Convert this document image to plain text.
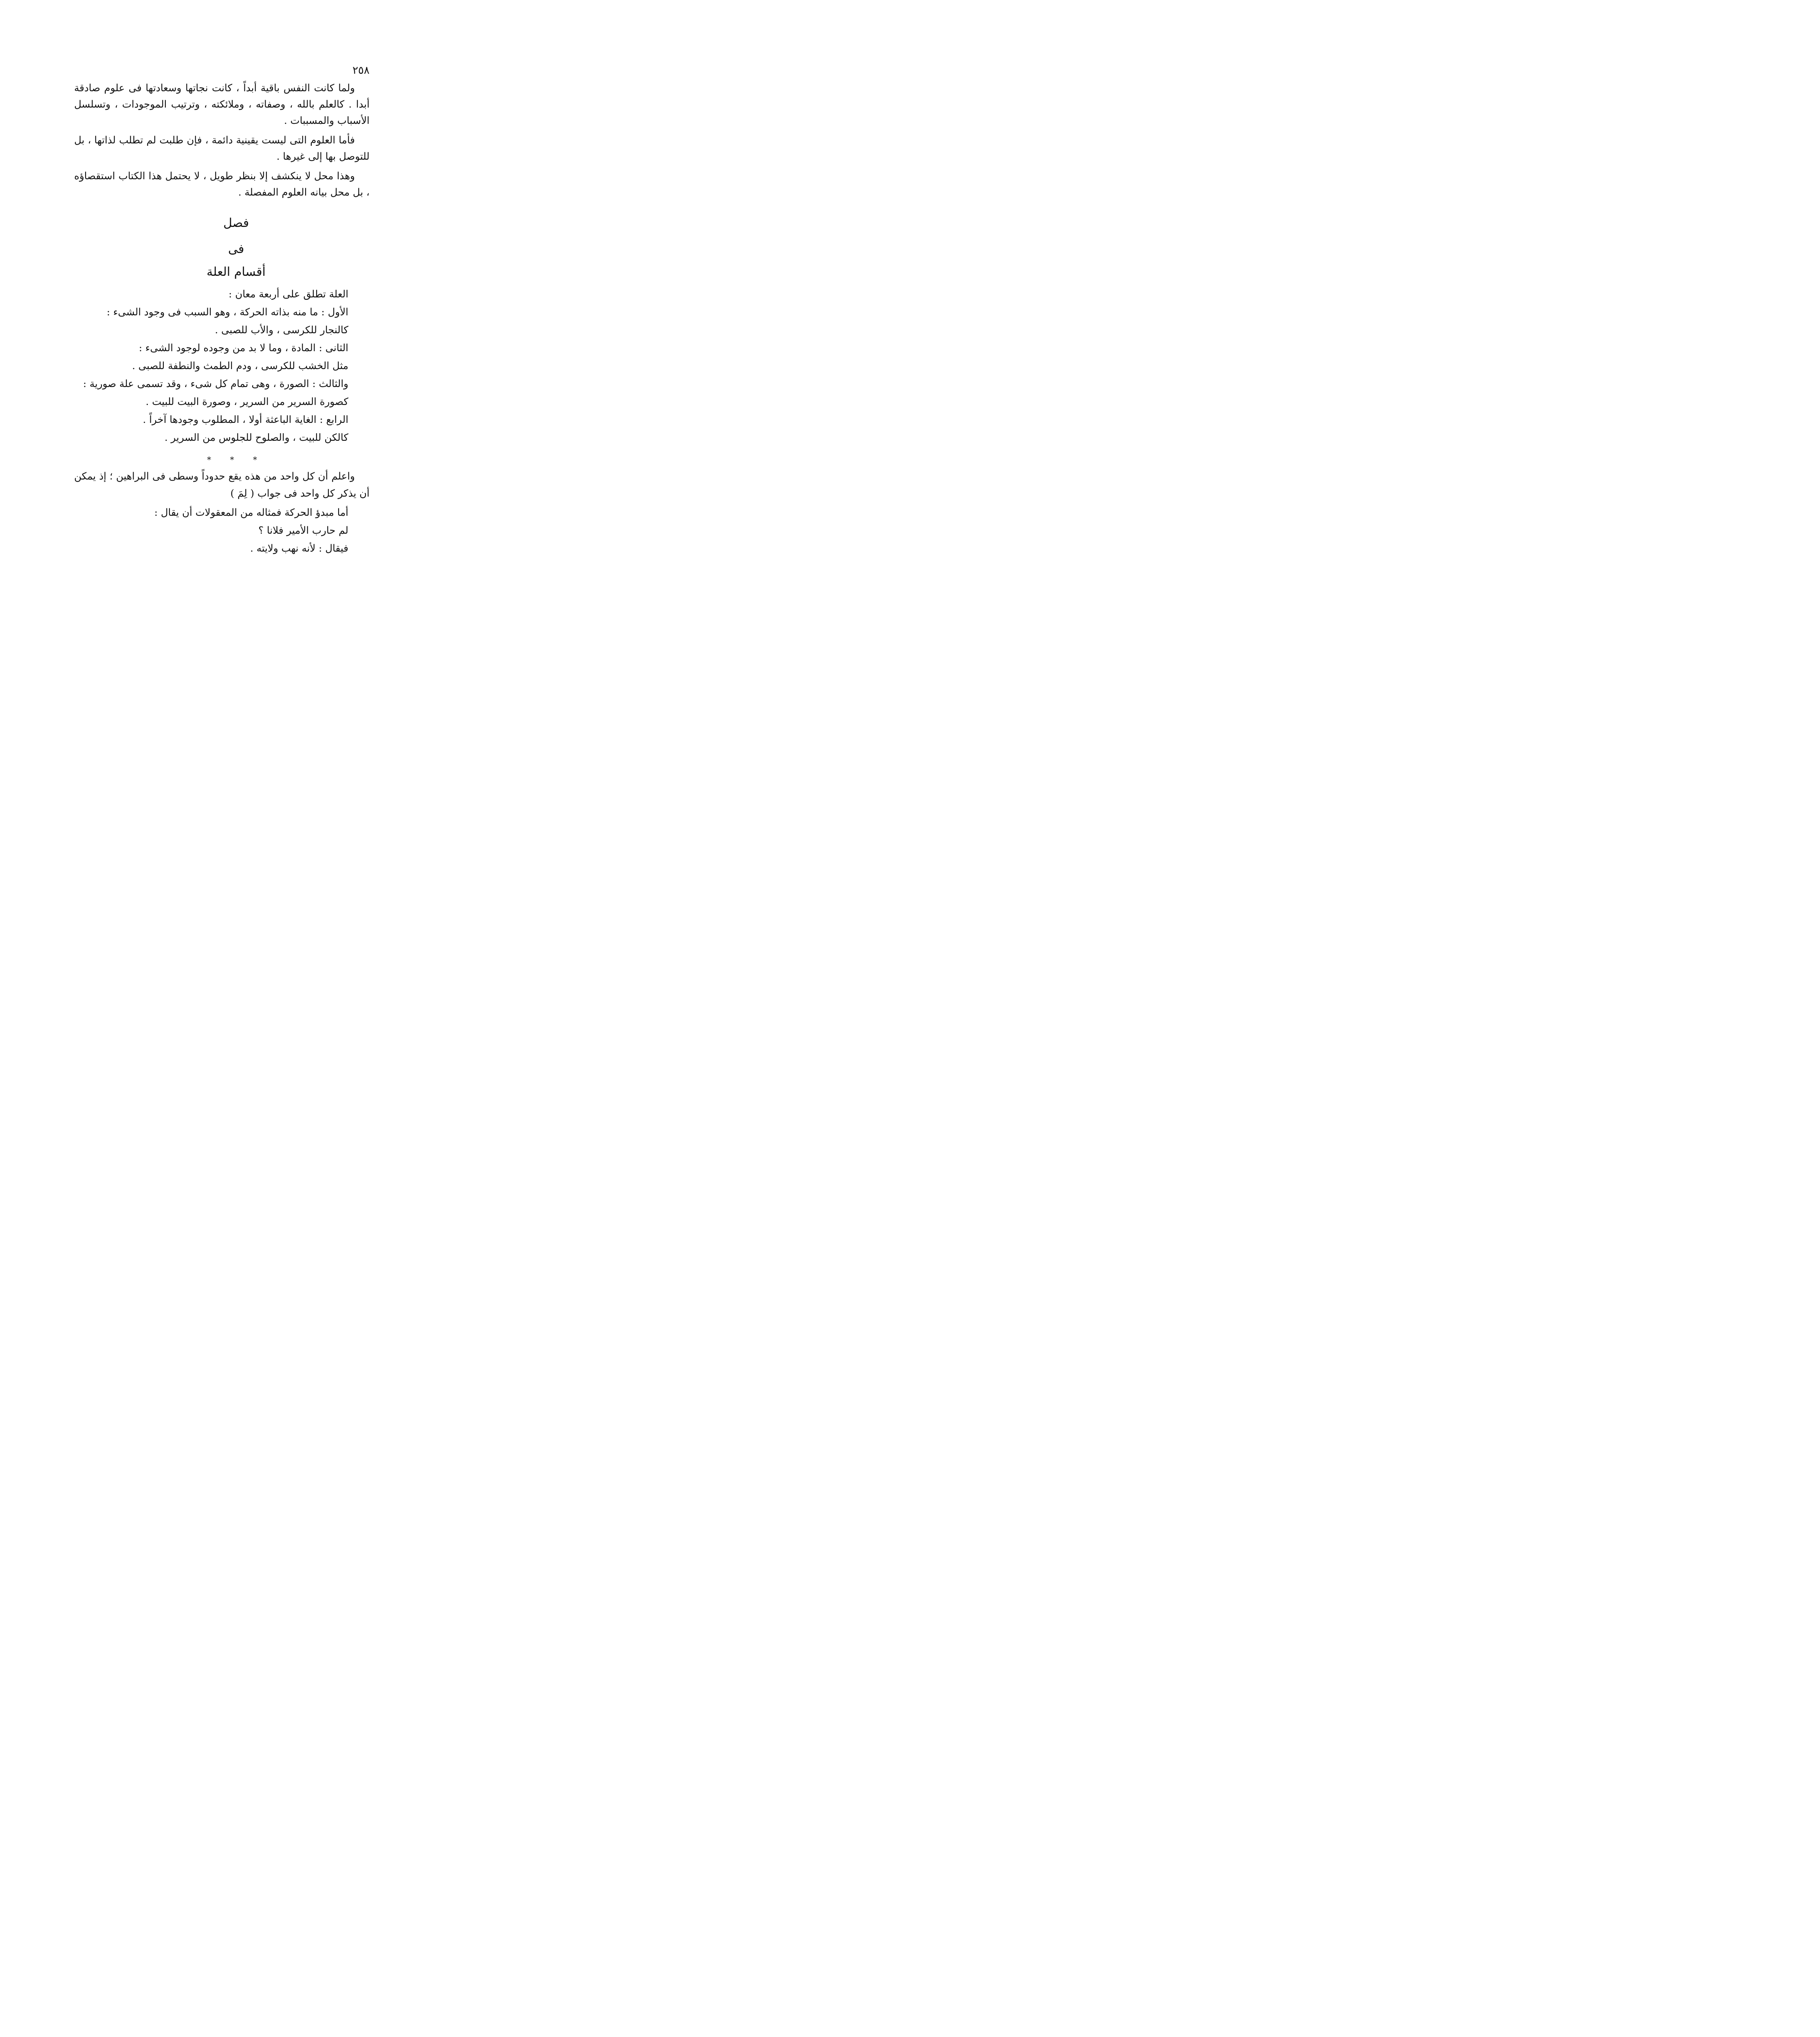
٢٥٨

ولما كانت النفس باقية أبداً ، كانت نجاتها وسعادتها فى علوم صادقة أبدا . كالعلم بالله ، وصفاته ، وملائكته ، وترتيب الموجودات ، وتسلسل الأسباب والمسببات .

فأما العلوم التى ليست يقينية دائمة ، فإن طلبت لم تطلب لذاتها ، بل للتوصل بها إلى غيرها .

وهذا محل لا ينكشف إلا بنظر طويل ، لا يحتمل هذا الكتاب استقصاؤه ، بل محل بيانه العلوم المفصلة .

فصل
فى
أقسام العلة
العلة تطلق على أربعة معان :
الأول : ما منه بذاته الحركة ، وهو السبب فى وجود الشىء :
كالنجار للكرسى ، والأب للصبى .
الثانى : المادة ، وما لا بد من وجوده لوجود الشىء :
مثل الخشب للكرسى ، ودم الطمث والنطفة للصبى .
والثالث : الصورة ، وهى تمام كل شىء ، وقد تسمى علة صورية :
كصورة السرير من السرير ، وصورة البيت للبيت .
الرابع : الغاية الباعثة أولا ، المطلوب وجودها آخراً .
كالكن للبيت ، والصلوح للجلوس من السرير .
* * *

واعلم أن كل واحد من هذه يقع حدوداً وسطى فى البراهين ؛ إذ يمكن أن يذكر كل واحد فى جواب ( لِمَ )

أما مبدؤ الحركة فمثاله من المعقولات أن يقال :
لم حارب الأمير فلانا ؟
فيقال : لأنه نهب ولايته .
